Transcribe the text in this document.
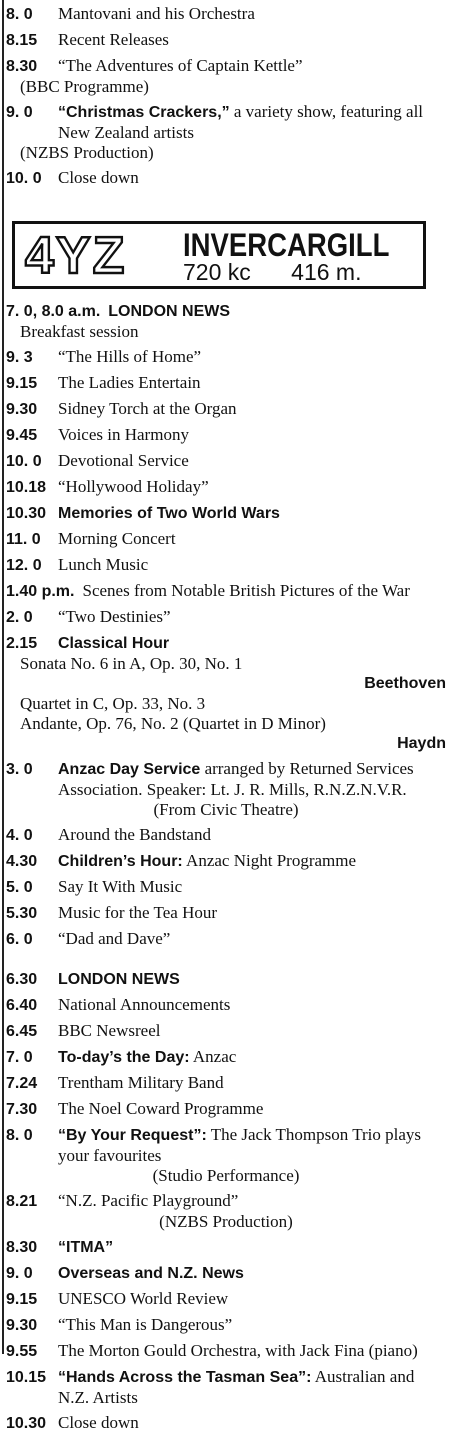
8. 0 Mantovani and his Orchestra
8.15 Recent Releases
8.30 “The Adventures of Captain Kettle”
(BBC Programme)
9. 0 “Christmas Crackers,” a variety show, featuring all New Zealand artists
(NZBS Production)
10. 0 Close down
4YZ INVERCARGILL
720 kc 416 m.
7. 0, 8.0 a.m. LONDON NEWS
Breakfast session
9. 3 “The Hills of Home”
9.15 The Ladies Entertain
9.30 Sidney Torch at the Organ
9.45 Voices in Harmony
10. 0 Devotional Service
10.18 “Hollywood Holiday”
10.30 Memories of Two World Wars
11. 0 Morning Concert
12. 0 Lunch Music
1.40 p.m. Scenes from Notable British Pictures of the War
2. 0 “Two Destinies”
2.15 Classical Hour
Sonata No. 6 in A, Op. 30, No. 1
Beethoven
Quartet in C, Op. 33, No. 3
Andante, Op. 76, No. 2 (Quartet in D Minor)
Haydn
3. 0 Anzac Day Service arranged by Returned Services Association. Speaker: Lt. J. R. Mills, R.N.Z.N.V.R.
(From Civic Theatre)
4. 0 Around the Bandstand
4.30 Children’s Hour: Anzac Night Programme
5. 0 Say It With Music
5.30 Music for the Tea Hour
6. 0 “Dad and Dave”
6.30 LONDON NEWS
6.40 National Announcements
6.45 BBC Newsreel
7. 0 To-day’s the Day: Anzac
7.24 Trentham Military Band
7.30 The Noel Coward Programme
8. 0 “By Your Request”: The Jack Thompson Trio plays your favourites
(Studio Performance)
8.21 “N.Z. Pacific Playground”
(NZBS Production)
8.30 “ITMA”
9. 0 Overseas and N.Z. News
9.15 UNESCO World Review
9.30 “This Man is Dangerous”
9.55 The Morton Gould Orchestra, with Jack Fina (piano)
10.15 “Hands Across the Tasman Sea”: Australian and N.Z. Artists
10.30 Close down
